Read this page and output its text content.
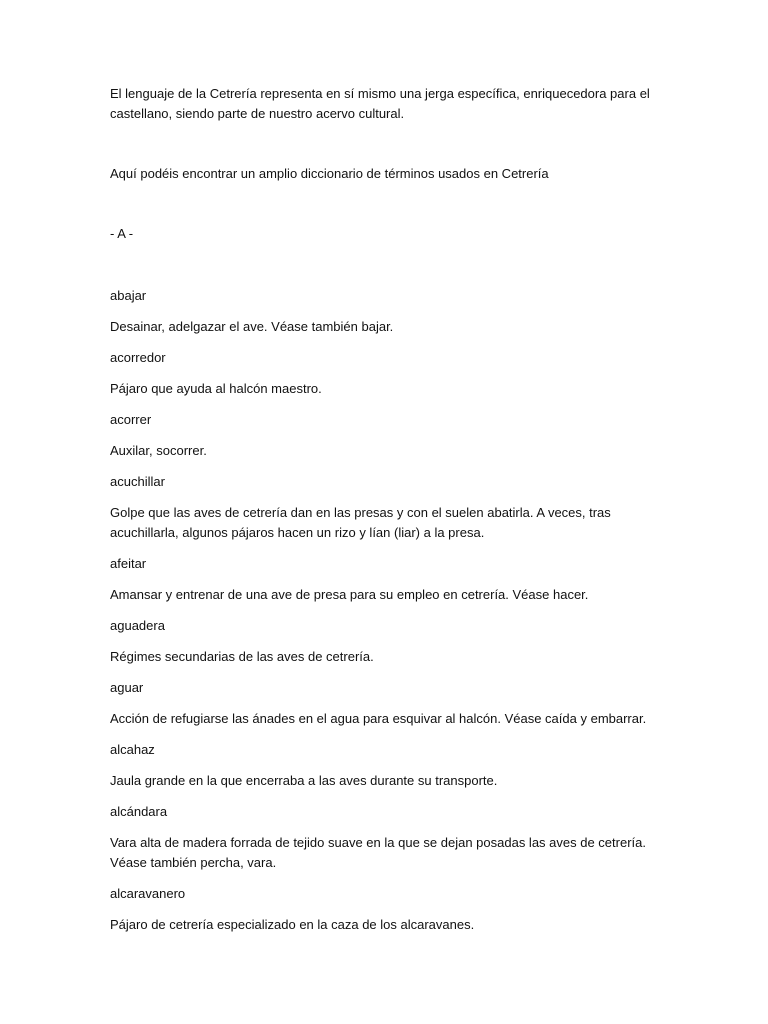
El lenguaje de la Cetrería representa en sí mismo una jerga específica, enriquecedora para el castellano, siendo parte de nuestro acervo cultural.

Aquí podéis encontrar un amplio diccionario de términos usados en Cetrería

- A -

abajar

Desainar, adelgazar el ave. Véase también bajar.

acorredor

Pájaro que ayuda al halcón maestro.

acorrer

Auxilar, socorrer.

acuchillar

Golpe que las aves de cetrería dan en las presas y con el suelen abatirla. A veces, tras acuchillarla, algunos pájaros hacen un rizo y lían (liar) a la presa.

afeitar

Amansar y entrenar de una ave de presa para su empleo en cetrería. Véase hacer.

aguadera

Régimes secundarias de las aves de cetrería.

aguar

Acción de refugiarse las ánades en el agua para esquivar al halcón. Véase caída y embarrar.

alcahaz

Jaula grande en la que encerraba a las aves durante su transporte.

alcándara

Vara alta de madera forrada de tejido suave en la que se dejan posadas las aves de cetrería. Véase también percha, vara.

alcaravanero

Pájaro de cetrería especializado en la caza de los alcaravanes.
